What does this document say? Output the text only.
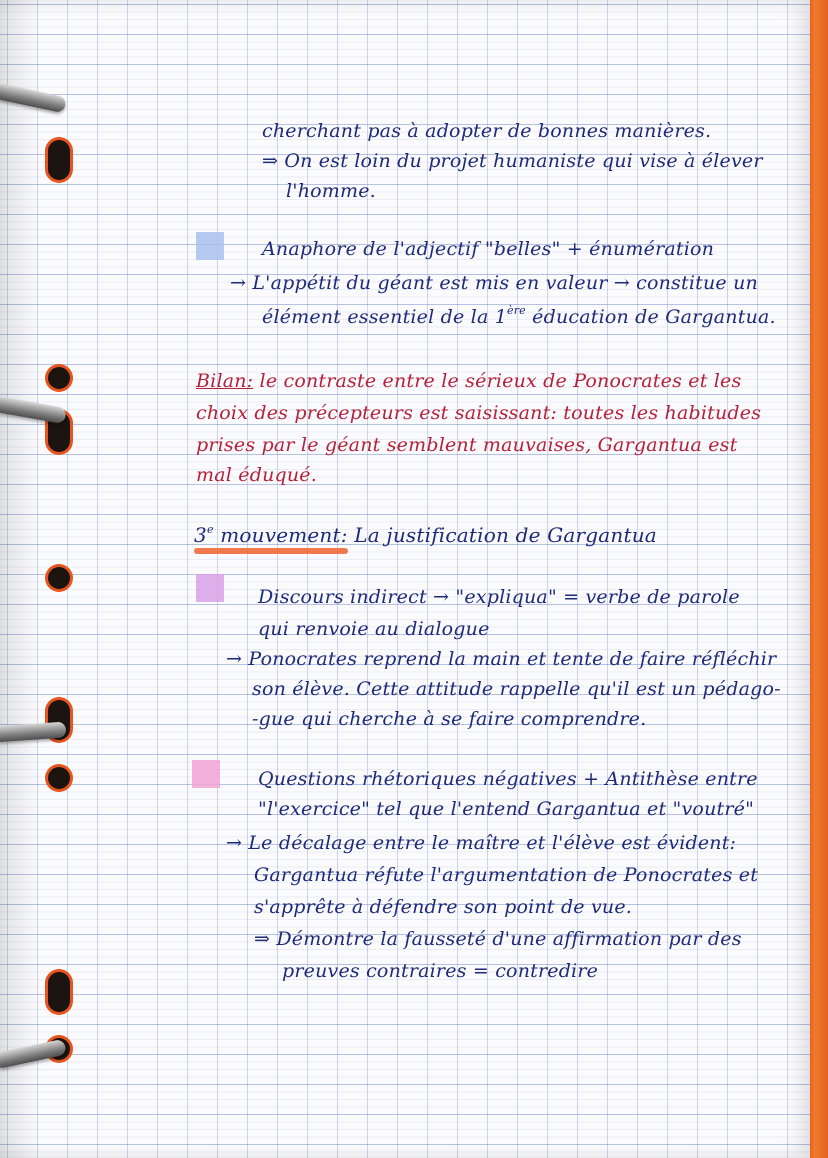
cherchant pas à adopter de bonnes manières.
⇒ On est loin du projet humaniste qui vise à élever
l'homme.
Anaphore de l'adjectif "belles" + énumération
→ L'appétit du géant est mis en valeur → constitue un
élément essentiel de la 1ère éducation de Gargantua.
Bilan: le contraste entre le sérieux de Ponocrates et les
choix des précepteurs est saisissant: toutes les habitudes
prises par le géant semblent mauvaises, Gargantua est
mal éduqué.
3e mouvement: La justification de Gargantua
Discours indirect → "expliqua" = verbe de parole
qui renvoie au dialogue
→ Ponocrates reprend la main et tente de faire réfléchir
son élève. Cette attitude rappelle qu'il est un pédago-
-gue qui cherche à se faire comprendre.
Questions rhétoriques négatives + Antithèse entre
"l'exercice" tel que l'entend Gargantua et "voutré"
→ Le décalage entre le maître et l'élève est évident:
Gargantua réfute l'argumentation de Ponocrates et
s'apprête à défendre son point de vue.
⇒ Démontre la fausseté d'une affirmation par des
preuves contraires = contredire
